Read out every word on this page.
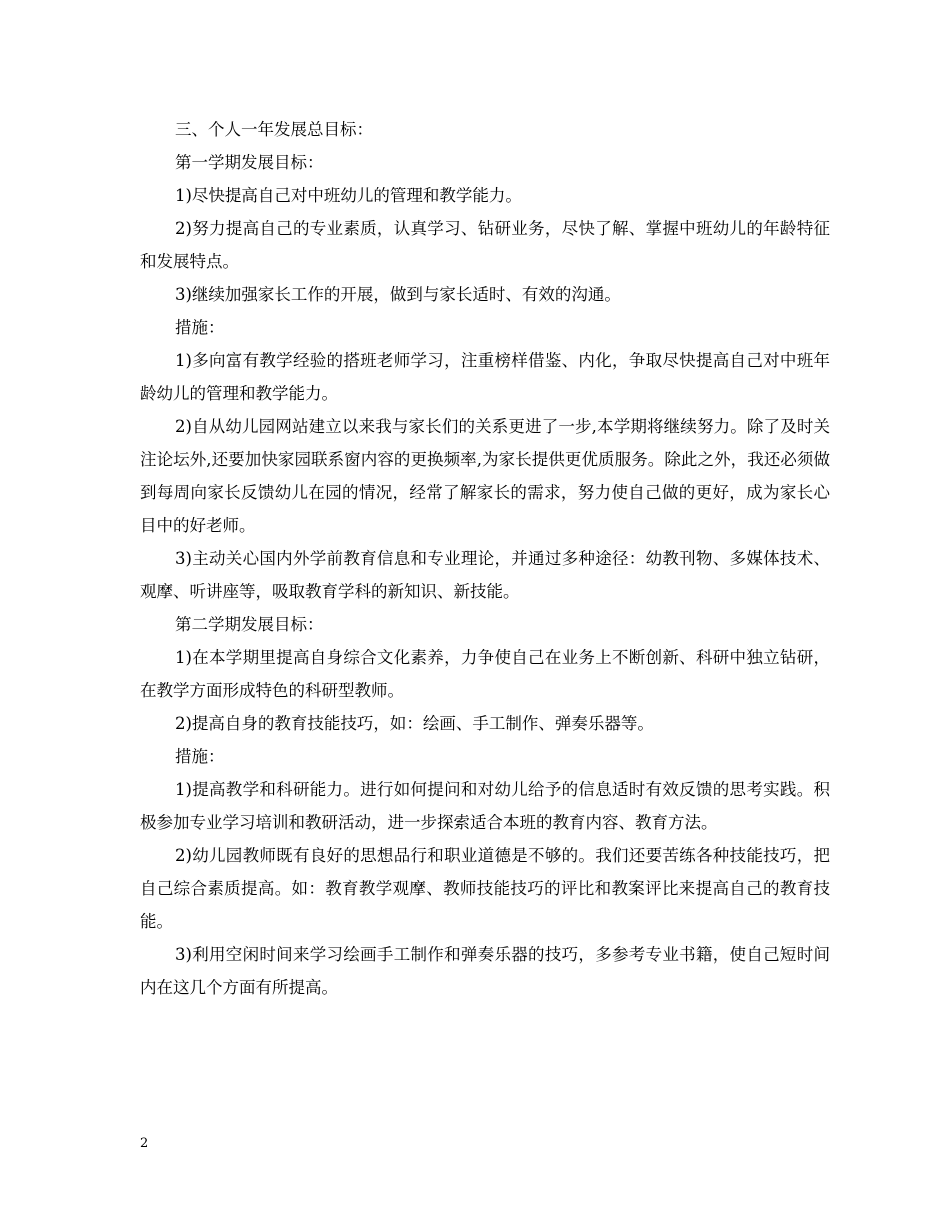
三、个人一年发展总目标：

第一学期发展目标：

1)尽快提高自己对中班幼儿的管理和教学能力。

2)努力提高自己的专业素质，认真学习、钻研业务，尽快了解、掌握中班幼儿的年龄特征和发展特点。

3)继续加强家长工作的开展，做到与家长适时、有效的沟通。

措施：

1)多向富有教学经验的搭班老师学习，注重榜样借鉴、内化，争取尽快提高自己对中班年龄幼儿的管理和教学能力。

2)自从幼儿园网站建立以来我与家长们的关系更进了一步,本学期将继续努力。除了及时关注论坛外,还要加快家园联系窗内容的更换频率,为家长提供更优质服务。除此之外，我还必须做到每周向家长反馈幼儿在园的情况，经常了解家长的需求，努力使自己做的更好，成为家长心目中的好老师。

3)主动关心国内外学前教育信息和专业理论，并通过多种途径：幼教刊物、多媒体技术、观摩、听讲座等，吸取教育学科的新知识、新技能。

第二学期发展目标：

1)在本学期里提高自身综合文化素养，力争使自己在业务上不断创新、科研中独立钻研，在教学方面形成特色的科研型教师。

2)提高自身的教育技能技巧，如：绘画、手工制作、弹奏乐器等。

措施：

1)提高教学和科研能力。进行如何提问和对幼儿给予的信息适时有效反馈的思考实践。积极参加专业学习培训和教研活动，进一步探索适合本班的教育内容、教育方法。

2)幼儿园教师既有良好的思想品行和职业道德是不够的。我们还要苦练各种技能技巧，把自己综合素质提高。如：教育教学观摩、教师技能技巧的评比和教案评比来提高自己的教育技能。

3)利用空闲时间来学习绘画手工制作和弹奏乐器的技巧，多参考专业书籍，使自己短时间内在这几个方面有所提高。

2
